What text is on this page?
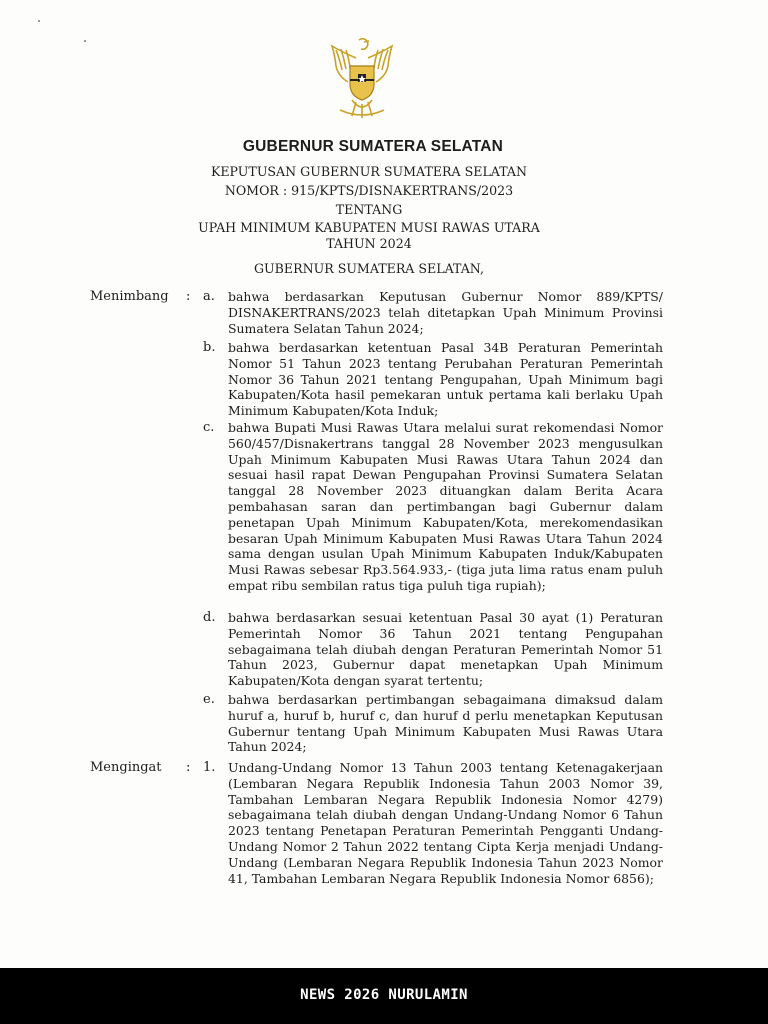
GUBERNUR SUMATERA SELATAN
KEPUTUSAN GUBERNUR SUMATERA SELATAN
NOMOR : 915/KPTS/DISNAKERTRANS/2023
TENTANG
UPAH MINIMUM KABUPATEN MUSI RAWAS UTARA
TAHUN 2024
GUBERNUR SUMATERA SELATAN,
Menimbang : a. bahwa berdasarkan Keputusan Gubernur Nomor 889/KPTS/ DISNAKERTRANS/2023 telah ditetapkan Upah Minimum Provinsi Sumatera Selatan Tahun 2024;
b. bahwa berdasarkan ketentuan Pasal 34B Peraturan Pemerintah Nomor 51 Tahun 2023 tentang Perubahan Peraturan Pemerintah Nomor 36 Tahun 2021 tentang Pengupahan, Upah Minimum bagi Kabupaten/Kota hasil pemekaran untuk pertama kali berlaku Upah Minimum Kabupaten/Kota Induk;
c. bahwa Bupati Musi Rawas Utara melalui surat rekomendasi Nomor 560/457/Disnakertrans tanggal 28 November 2023 mengusulkan Upah Minimum Kabupaten Musi Rawas Utara Tahun 2024 dan sesuai hasil rapat Dewan Pengupahan Provinsi Sumatera Selatan tanggal 28 November 2023 dituangkan dalam Berita Acara pembahasan saran dan pertimbangan bagi Gubernur dalam penetapan Upah Minimum Kabupaten/Kota, merekomendasikan besaran Upah Minimum Kabupaten Musi Rawas Utara Tahun 2024 sama dengan usulan Upah Minimum Kabupaten Induk/Kabupaten Musi Rawas sebesar Rp3.564.933,- (tiga juta lima ratus enam puluh empat ribu sembilan ratus tiga puluh tiga rupiah);
d. bahwa berdasarkan sesuai ketentuan Pasal 30 ayat (1) Peraturan Pemerintah Nomor 36 Tahun 2021 tentang Pengupahan sebagaimana telah diubah dengan Peraturan Pemerintah Nomor 51 Tahun 2023, Gubernur dapat menetapkan Upah Minimum Kabupaten/Kota dengan syarat tertentu;
e. bahwa berdasarkan pertimbangan sebagaimana dimaksud dalam huruf a, huruf b, huruf c, dan huruf d perlu menetapkan Keputusan Gubernur tentang Upah Minimum Kabupaten Musi Rawas Utara Tahun 2024;
Mengingat : 1. Undang-Undang Nomor 13 Tahun 2003 tentang Ketenagakerjaan (Lembaran Negara Republik Indonesia Tahun 2003 Nomor 39, Tambahan Lembaran Negara Republik Indonesia Nomor 4279) sebagaimana telah diubah dengan Undang-Undang Nomor 6 Tahun 2023 tentang Penetapan Peraturan Pemerintah Pengganti Undang-Undang Nomor 2 Tahun 2022 tentang Cipta Kerja menjadi Undang-Undang (Lembaran Negara Republik Indonesia Tahun 2023 Nomor 41, Tambahan Lembaran Negara Republik Indonesia Nomor 6856);
NEWS 2026 NURULAMIN
